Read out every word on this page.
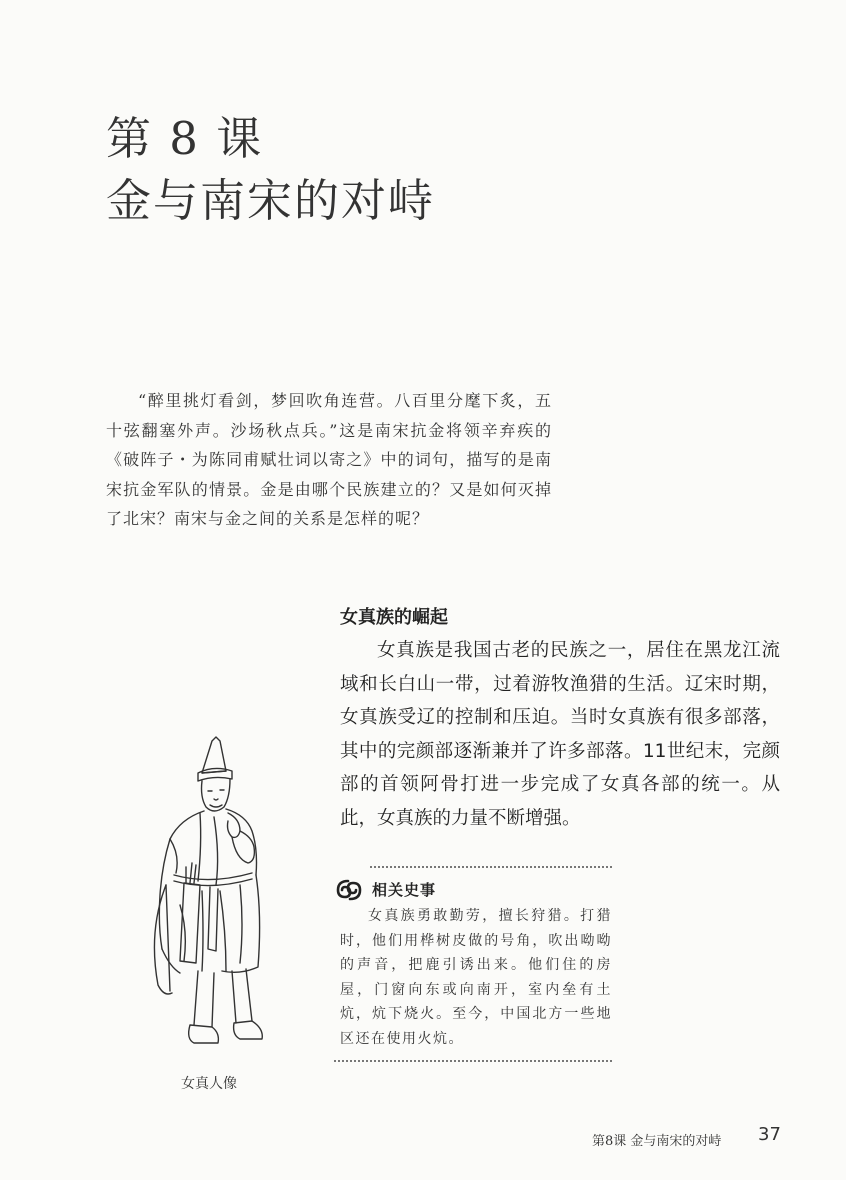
第 8 课
金与南宋的对峙
“醉里挑灯看剑，梦回吹角连营。八百里分麾下炙，五十弦翻塞外声。沙场秋点兵。”这是南宋抗金将领辛弃疾的《破阵子・为陈同甫赋壮词以寄之》中的词句，描写的是南宋抗金军队的情景。金是由哪个民族建立的？又是如何灭掉了北宋？南宋与金之间的关系是怎样的呢？
女真族的崛起
女真族是我国古老的民族之一，居住在黑龙江流域和长白山一带，过着游牧渔猎的生活。辽宋时期，女真族受辽的控制和压迫。当时女真族有很多部落，其中的完颜部逐渐兼并了许多部落。11世纪末，完颜部的首领阿骨打进一步完成了女真各部的统一。从此，女真族的力量不断增强。
女真人像
相关史事
女真族勇敢勤劳，擅长狩猎。打猎时，他们用桦树皮做的号角，吹出呦呦的声音，把鹿引诱出来。他们住的房屋，门窗向东或向南开，室内垒有土炕，炕下烧火。至今，中国北方一些地区还在使用火炕。
第8课 金与南宋的对峙 37
